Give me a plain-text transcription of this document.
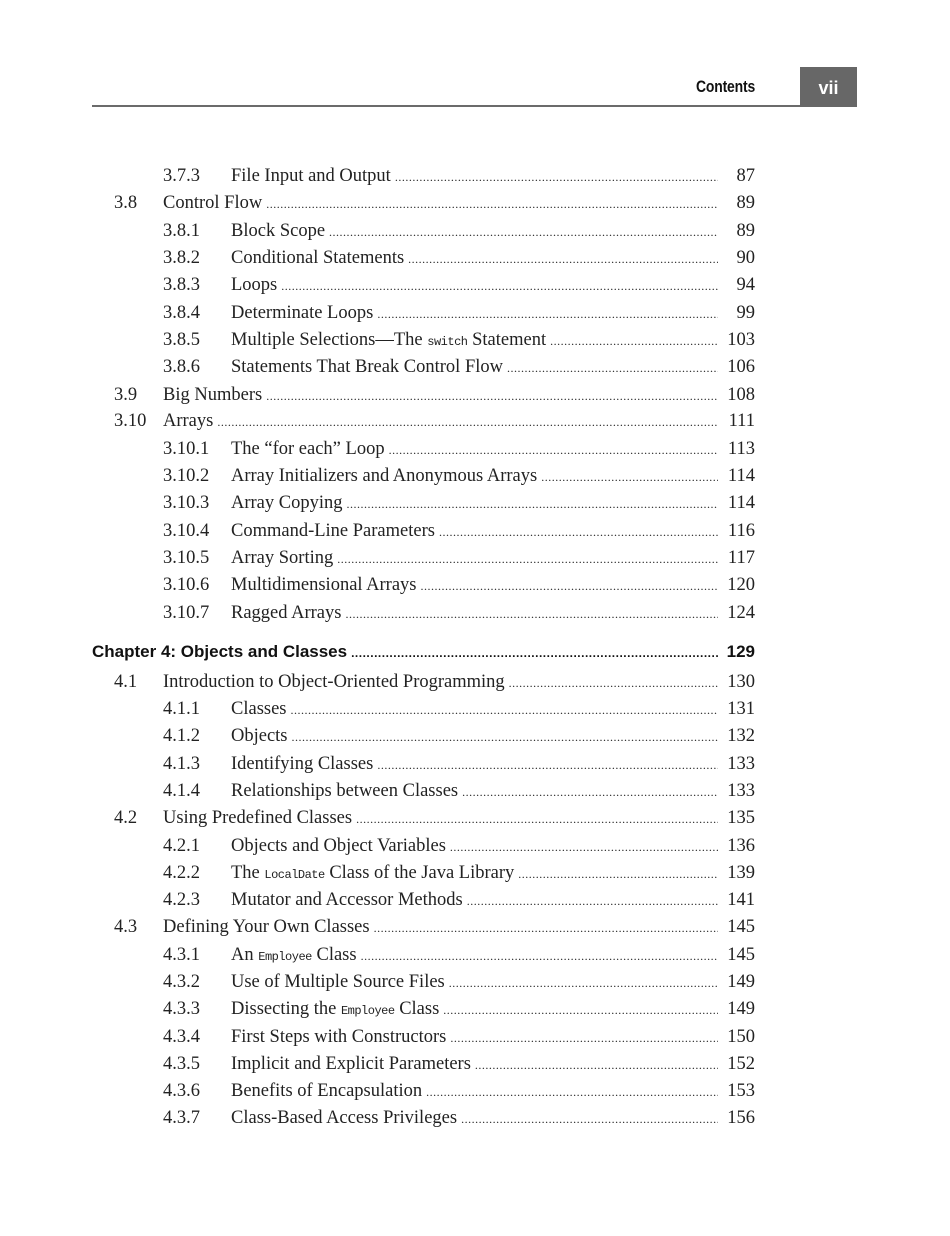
Contents	vii
3.7.3 File Input and Output .....	87
3.8 Control Flow .....	89
3.8.1 Block Scope .....	89
3.8.2 Conditional Statements .....	90
3.8.3 Loops .....	94
3.8.4 Determinate Loops .....	99
3.8.5 Multiple Selections—The switch Statement .....	103
3.8.6 Statements That Break Control Flow .....	106
3.9 Big Numbers .....	108
3.10 Arrays .....	111
3.10.1 The “for each” Loop .....	113
3.10.2 Array Initializers and Anonymous Arrays .....	114
3.10.3 Array Copying .....	114
3.10.4 Command-Line Parameters .....	116
3.10.5 Array Sorting .....	117
3.10.6 Multidimensional Arrays .....	120
3.10.7 Ragged Arrays .....	124
Chapter 4: Objects and Classes .....	129
4.1 Introduction to Object-Oriented Programming .....	130
4.1.1 Classes .....	131
4.1.2 Objects .....	132
4.1.3 Identifying Classes .....	133
4.1.4 Relationships between Classes .....	133
4.2 Using Predefined Classes .....	135
4.2.1 Objects and Object Variables .....	136
4.2.2 The LocalDate Class of the Java Library .....	139
4.2.3 Mutator and Accessor Methods .....	141
4.3 Defining Your Own Classes .....	145
4.3.1 An Employee Class .....	145
4.3.2 Use of Multiple Source Files .....	149
4.3.3 Dissecting the Employee Class .....	149
4.3.4 First Steps with Constructors .....	150
4.3.5 Implicit and Explicit Parameters .....	152
4.3.6 Benefits of Encapsulation .....	153
4.3.7 Class-Based Access Privileges .....	156
